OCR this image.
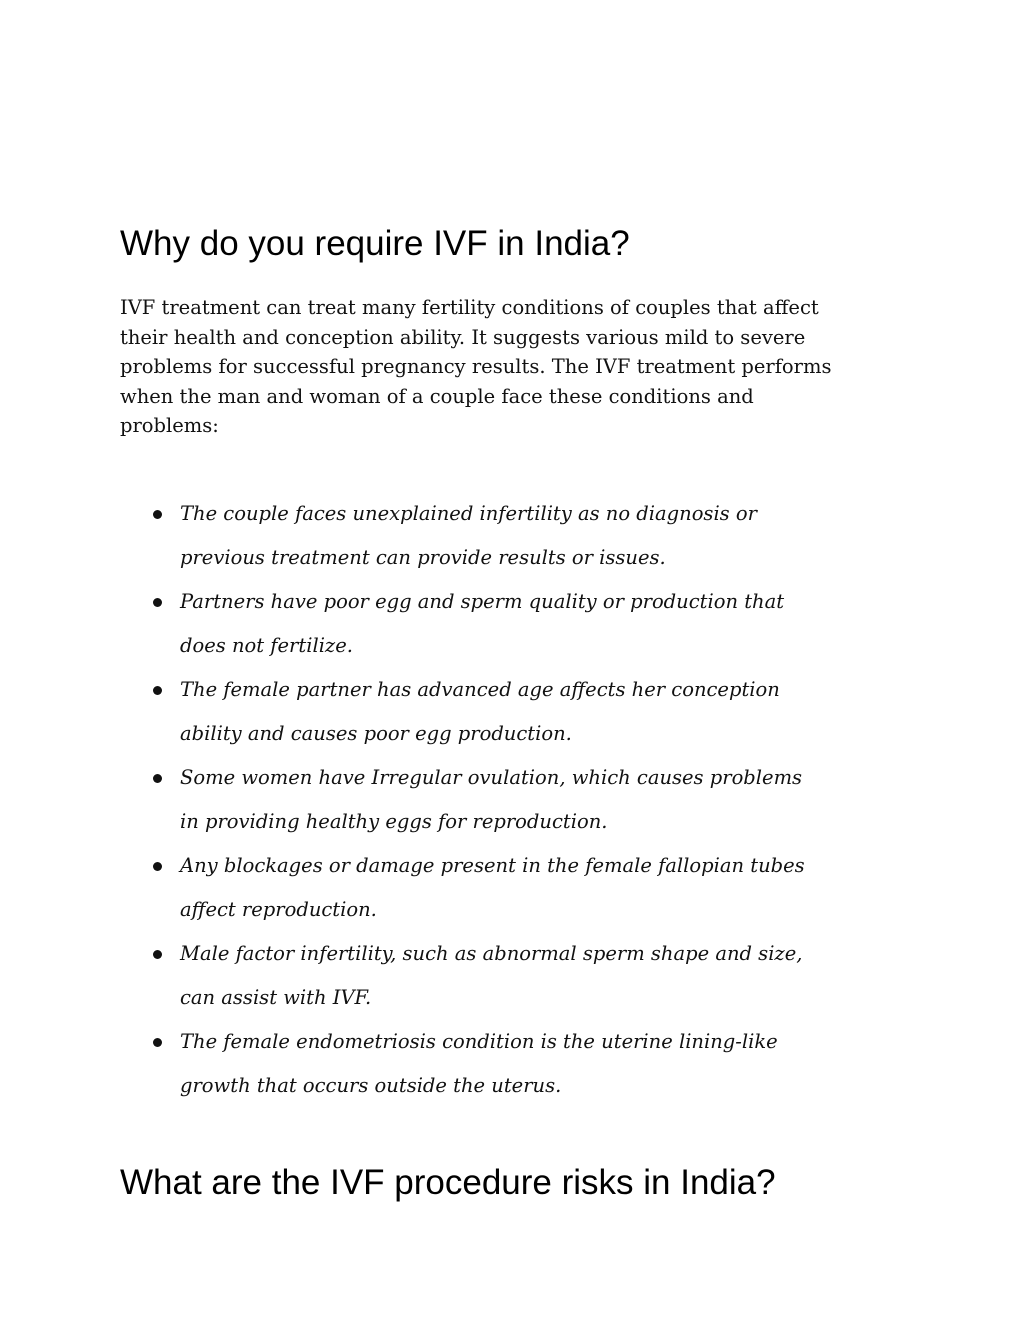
Why do you require IVF in India?

IVF treatment can treat many fertility conditions of couples that affect
their health and conception ability. It suggests various mild to severe
problems for successful pregnancy results. The IVF treatment performs
when the man and woman of a couple face these conditions and
problems:

The couple faces unexplained infertility as no diagnosis or
previous treatment can provide results or issues.
Partners have poor egg and sperm quality or production that
does not fertilize.
The female partner has advanced age affects her conception
ability and causes poor egg production.
Some women have Irregular ovulation, which causes problems
in providing healthy eggs for reproduction.
Any blockages or damage present in the female fallopian tubes
affect reproduction.
Male factor infertility, such as abnormal sperm shape and size,
can assist with IVF.
The female endometriosis condition is the uterine lining-like
growth that occurs outside the uterus.
What are the IVF procedure risks in India?
